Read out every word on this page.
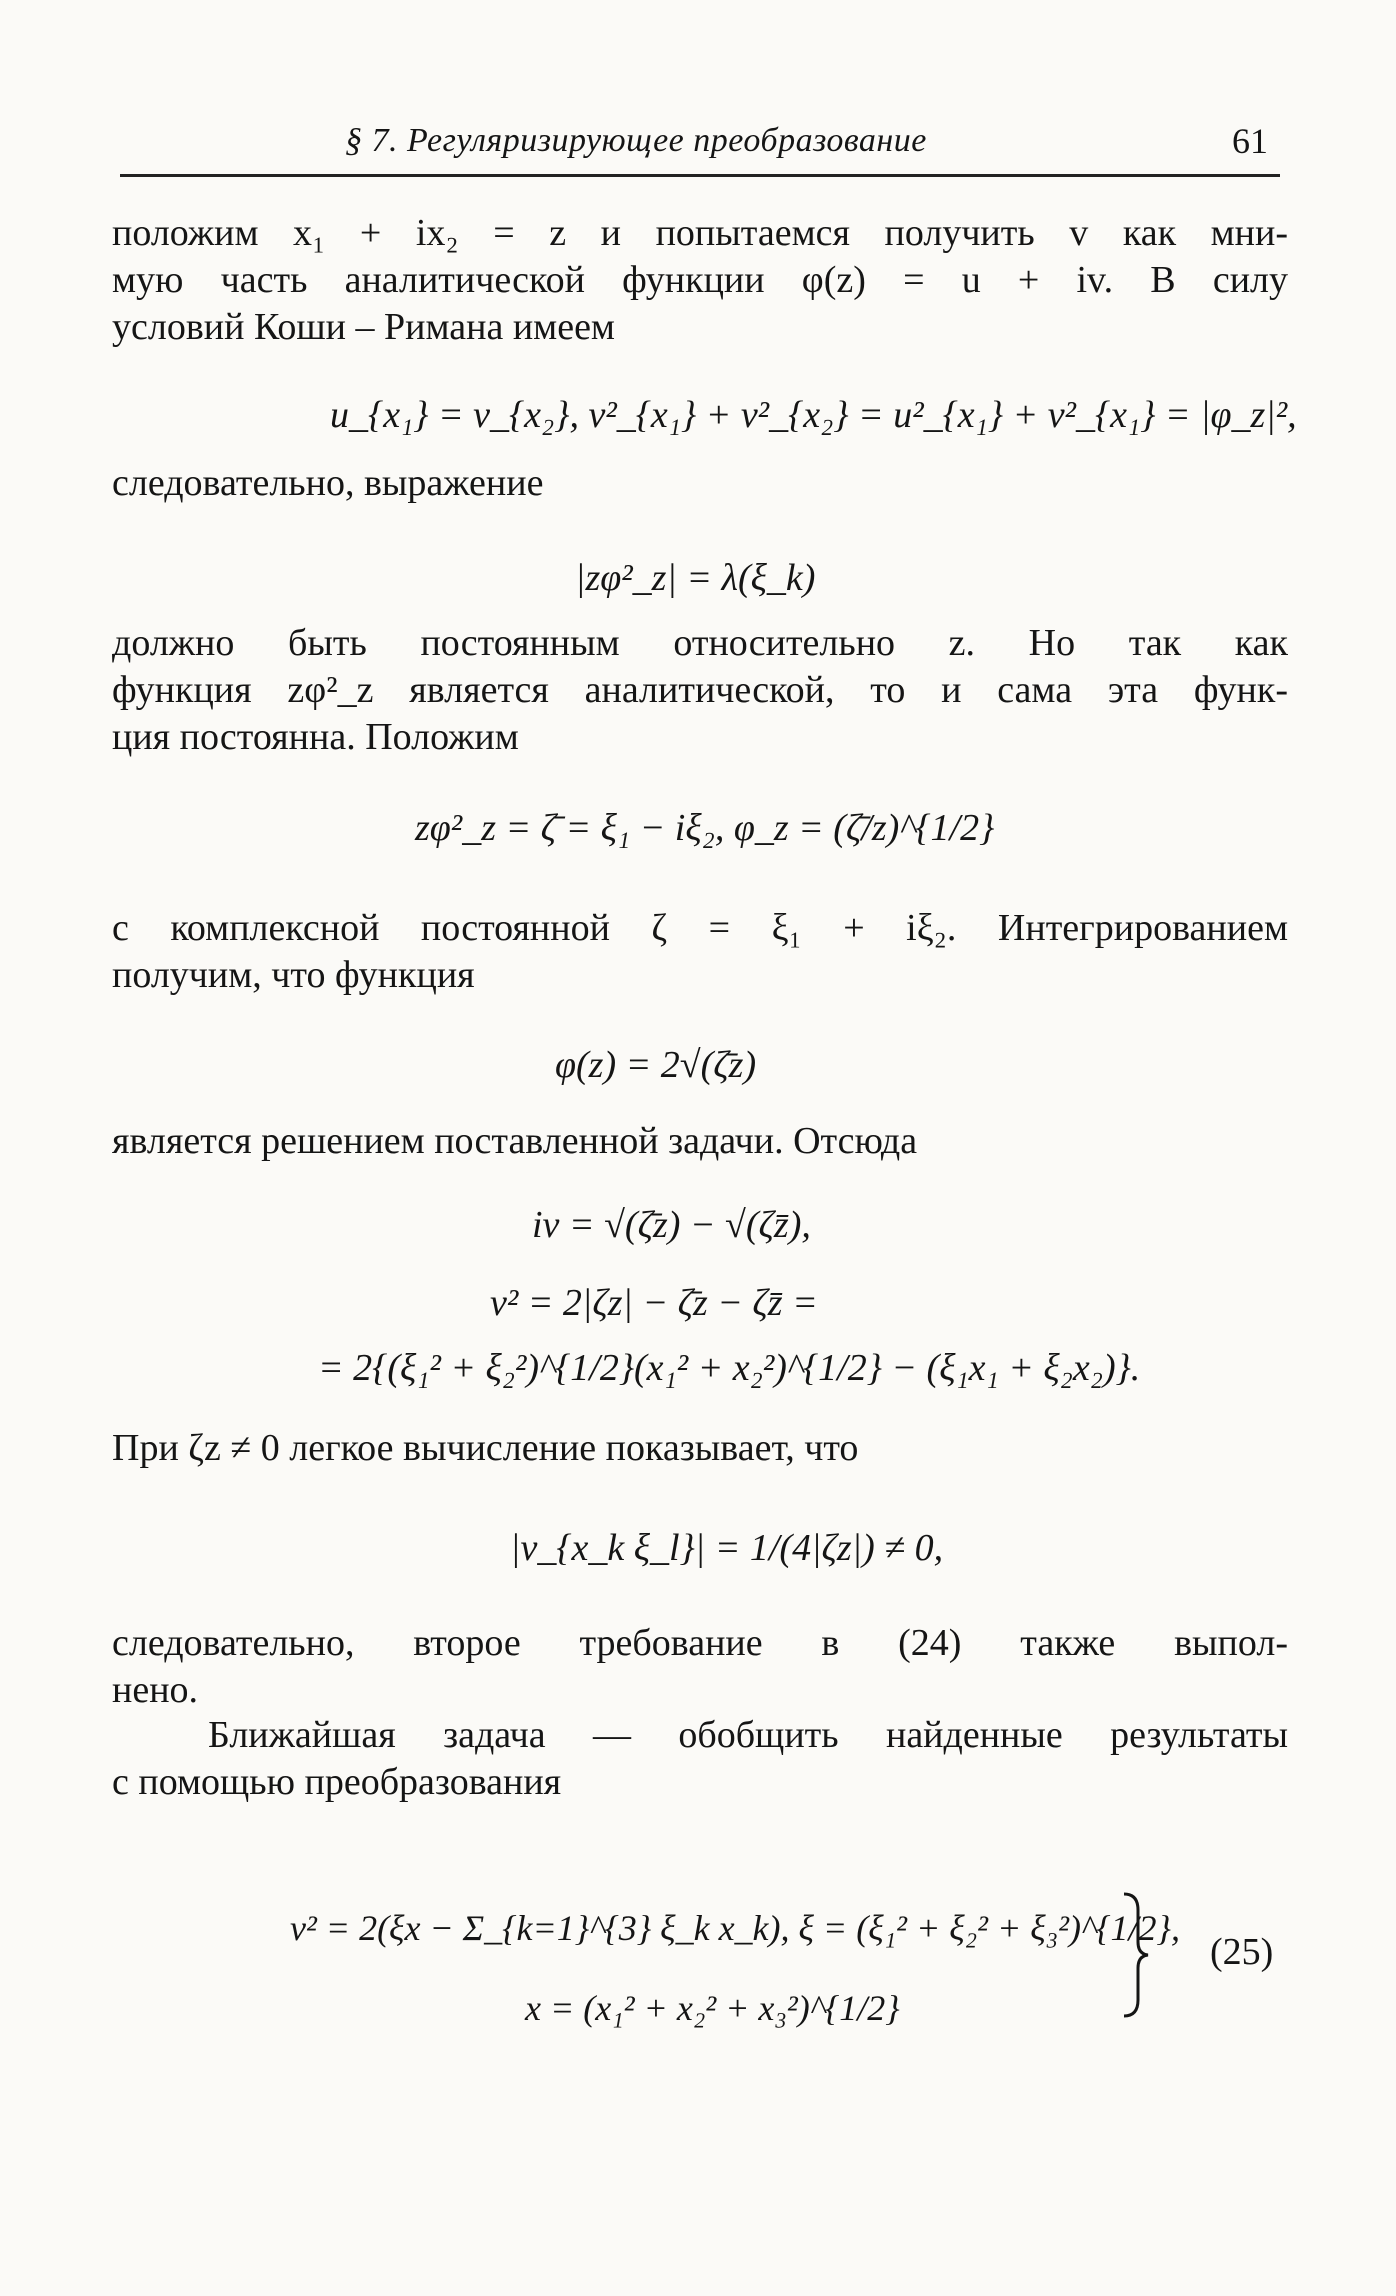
§ 7. Регуляризирующее преобразование	61
положим x₁ + ix₂ = z и попытаемся получить v как мни-
мую часть аналитической функции φ(z) = u + iv. В силу
условий Коши – Римана имеем
u_{x₁} = v_{x₂}, v²_{x₁} + v²_{x₂} = u²_{x₁} + v²_{x₁} = |φ_z|²,
следовательно, выражение
|zφ²_z| = λ(ξ_k)
должно быть постоянным относительно z. Но так как
функция zφ²_z является аналитической, то и сама эта функ-
ция постоянна. Положим
zφ²_z = ζ̄ = ξ₁ − iξ₂, φ_z = (ζ̄/z)^{1/2}
с комплексной постоянной ζ = ξ₁ + iξ₂. Интегрированием
получим, что функция
φ(z) = 2√(ζ̄z)
является решением поставленной задачи. Отсюда
iv = √(ζ̄z) − √(ζz̄),
v² = 2|ζz| − ζ̄z − ζz̄ =
= 2{(ξ₁² + ξ₂²)^{1/2}(x₁² + x₂²)^{1/2} − (ξ₁x₁ + ξ₂x₂)}.
При ζz ≠ 0 легкое вычисление показывает, что
|v_{x_k ξ_l}| = 1/(4|ζz|) ≠ 0,
следовательно, второе требование в (24) также выпол-
нено.
Ближайшая задача — обобщить найденные результаты
с помощью преобразования
v² = 2(ξx − Σ_{k=1}^{3} ξ_k x_k), ξ = (ξ₁² + ξ₂² + ξ₃²)^{1/2},
x = (x₁² + x₂² + x₃²)^{1/2}
(25)
